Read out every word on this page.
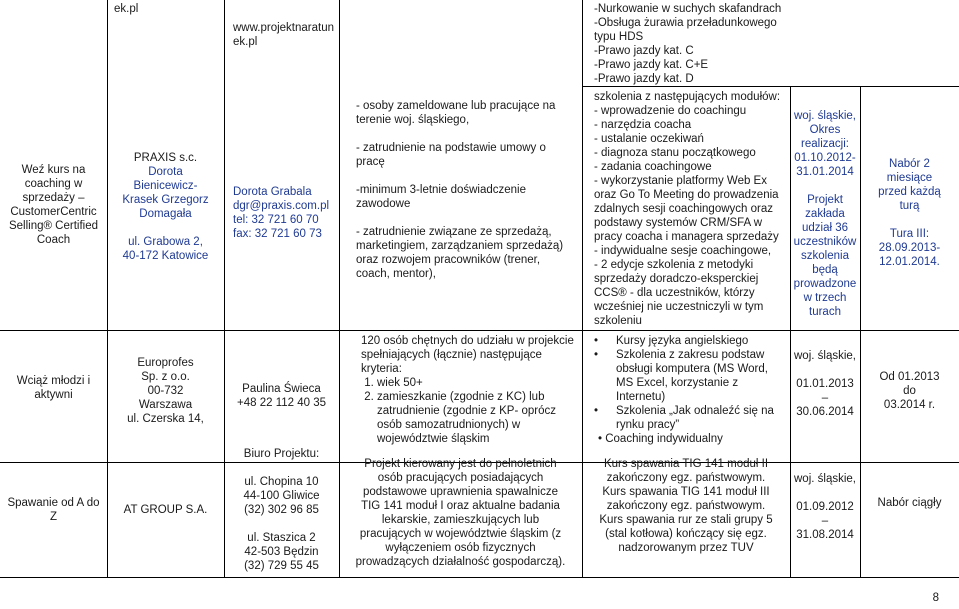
Weź kurs na
coaching w
sprzedaży –
CustomerCentric
Selling® Certified
Coach
ek.pl
PRAXIS s.c.
Dorota
Bienicewicz-
Krasek Grzegorz
Domagała
ul. Grabowa 2,
40-172 Katowice
www.projektnaratun
ek.pl
Dorota Grabala
dgr@praxis.com.pl
tel: 32 721 60 70
fax: 32 721 60 73
- osoby zameldowane lub pracujące na
terenie woj. śląskiego,
- zatrudnienie na podstawie umowy o
pracę
-minimum 3-letnie doświadczenie
zawodowe
- zatrudnienie związane ze sprzedażą,
marketingiem, zarządzaniem sprzedażą)
oraz rozwojem pracowników (trener,
coach, mentor),
-Nurkowanie w suchych skafandrach
-Obsługa żurawia przeładunkowego
typu HDS
-Prawo jazdy kat. C
-Prawo jazdy kat. C+E
-Prawo jazdy kat. D
szkolenia z następujących modułów:
- wprowadzenie do coachingu
- narzędzia coacha
- ustalanie oczekiwań
- diagnoza stanu początkowego
- zadania coachingowe
- wykorzystanie platformy Web Ex
oraz Go To Meeting do prowadzenia
zdalnych sesji coachingowych oraz
podstawy systemów CRM/SFA w
pracy coacha i managera sprzedaży
- indywidualne sesje coachingowe,
- 2 edycje szkolenia z metodyki
sprzedaży doradczo-eksperckiej
CCS® - dla uczestników, którzy
wcześniej nie uczestniczyli w tym
szkoleniu
woj. śląskie,
Okres
realizacji:
01.10.2012-
31.01.2014
Projekt
zakłada
udział 36
uczestników
szkolenia
będą
prowadzone
w trzech
turach
Nabór 2
miesiące
przed każdą
turą
Tura III:
28.09.2013-
12.01.2014.
Wciąż młodzi i
aktywni
Europrofes
Sp. z o.o.
00-732
Warszawa
ul. Czerska 14,
Paulina Świeca
+48 22 112 40 35
120 osób chętnych do udziału w projekcie
spełniających (łącznie) następujące
kryteria:
1. wiek 50+
2. zamieszkanie (zgodnie z KC) lub
zatrudnienie (zgodnie z KP- oprócz
osób samozatrudnionych) w
województwie śląskim
• Kursy języka angielskiego
• Szkolenia z zakresu podstaw
obsługi komputera (MS Word,
MS Excel, korzystanie z
Internetu)
• Szkolenia „Jak odnaleźć się na
rynku pracy”
• Coaching indywidualny
woj. śląskie,
01.01.2013
–
30.06.2014
Od 01.2013
do
03.2014 r.
Spawanie od A do
Z
AT GROUP S.A.
Biuro Projektu:
ul. Chopina 10
44-100 Gliwice
(32) 302 96 85
ul. Staszica 2
42-503 Będzin
(32) 729 55 45
Projekt kierowany jest do pełnoletnich
osób pracujących posiadających
podstawowe uprawnienia spawalnicze
TIG 141 moduł I oraz aktualne badania
lekarskie, zamieszkujących lub
pracujących w województwie śląskim (z
wyłączeniem osób fizycznych
prowadzących działalność gospodarczą).
Kurs spawania TIG 141 moduł II
zakończony egz. państwowym.
Kurs spawania TIG 141 moduł III
zakończony egz. państwowym.
Kurs spawania rur ze stali grupy 5
(stal kotłowa) kończący się egz.
nadzorowanym przez TUV
woj. śląskie,
01.09.2012
–
31.08.2014
Nabór ciągły
8
